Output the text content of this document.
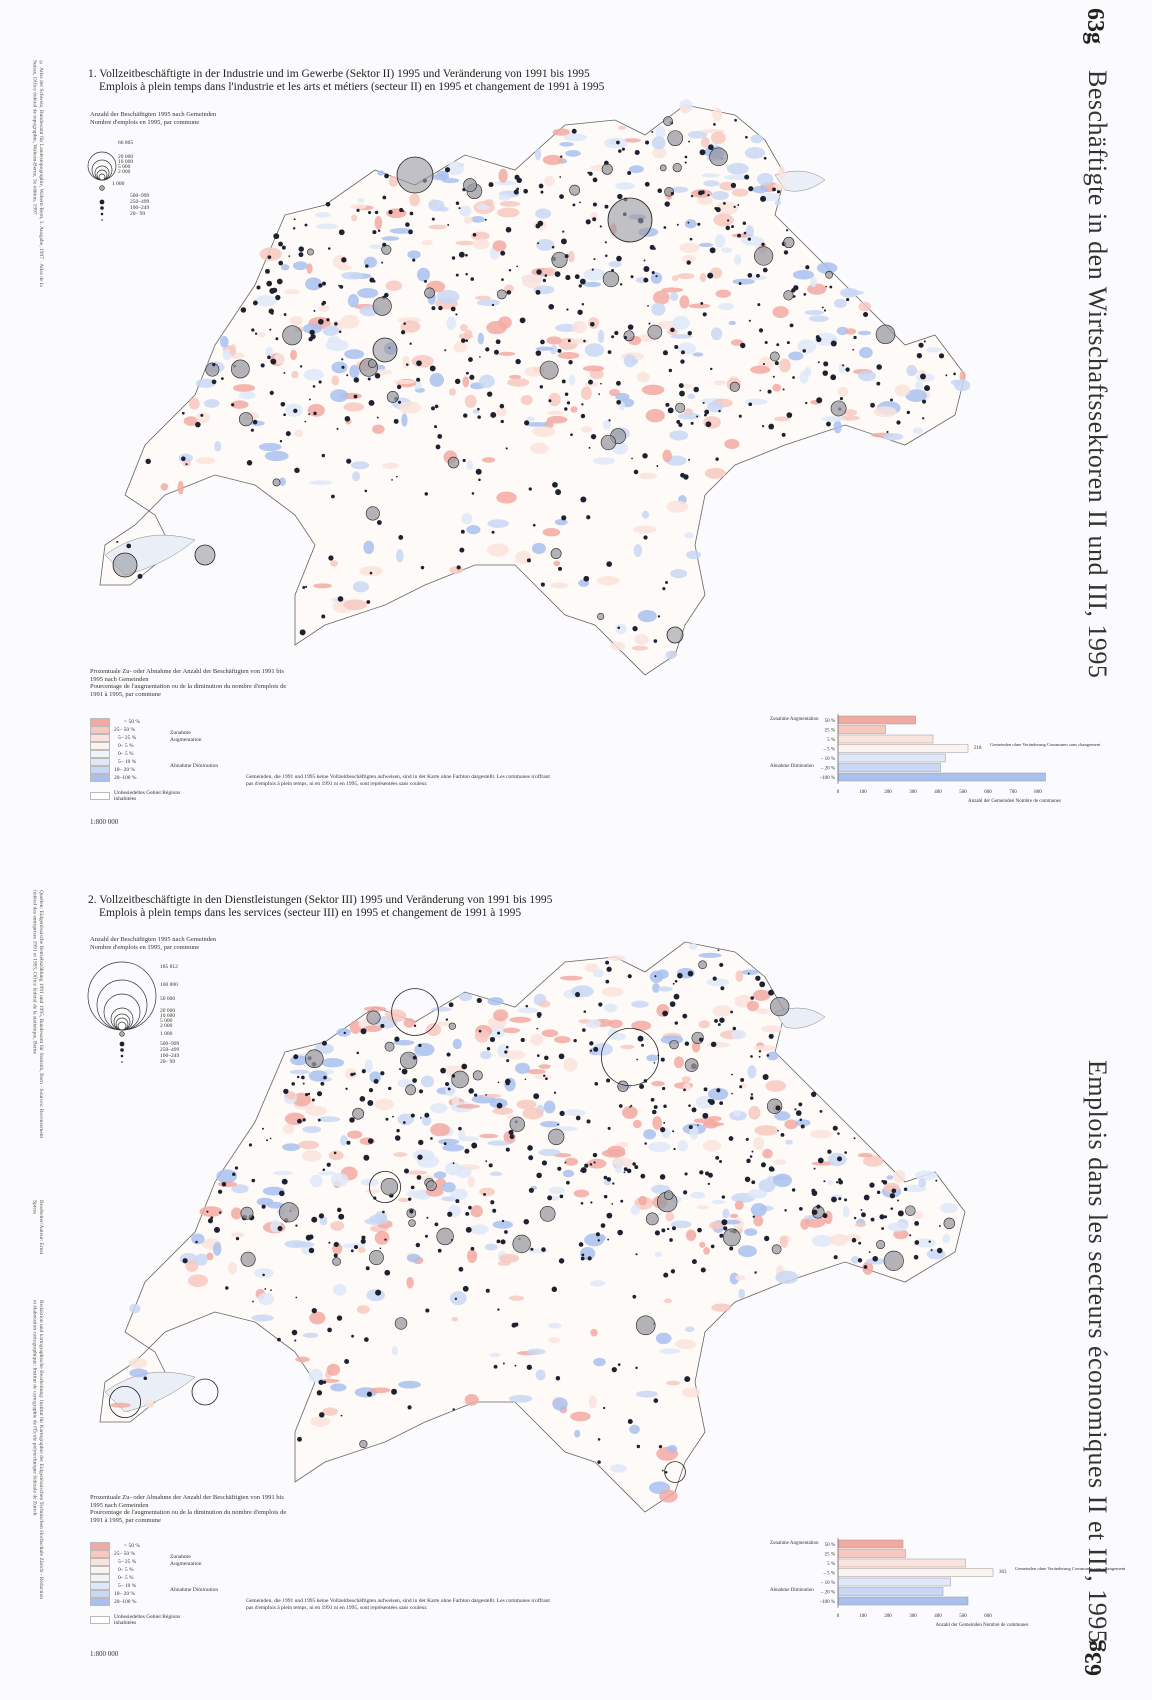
63g
Beschäftigte in den Wirtschaftssektoren II und III, 1995
Emplois dans les secteurs économiques II et III, 1995
63g
© Atlas der Schweiz, Bundesamt für Landestopographie, Wabern-Bern, 3. Ausgabe, 1997 · Atlas de la Suisse, Office fédéral de topographie, Wabern-Berne, 3e édition, 1997
Quellen: Eidgenössische Betriebszählung 1991 und 1995, Bundesamt für Statistik, Bern · Sources: Recensement fédéral des entreprises 1991 et 1995, Office fédéral de la statistique, Berne
Bearbeiter/Auteur: Ernst Spiess
Redaktion und kartographische Bearbeitung: Institut für Kartographie der Eidgenössischen Technischen Hochschule Zürich · Rédaction et élaboration cartographique: Institut de cartographie de l'École polytechnique fédérale de Zurich
1. Vollzeitbeschäftigte in der Industrie und im Gewerbe (Sektor II) 1995 und Veränderung von 1991 bis 1995
Emplois à plein temps dans l'industrie et les arts et métiers (secteur II) en 1995 et changement de 1991 à 1995
Anzahl der Beschäftigten 1995 nach Gemeinden
Nombre d'emplois en 1995, par commune
66 865
20 000
10 000
5 000
2 000
1 000
500–999
250–499
100–249
20– 99
Prozentuale Zu- oder Abnahme der Anzahl der Beschäftigten von 1991 bis 1995 nach Gemeinden
Pourcentage de l'augmentation ou de la diminution du nombre d'emplois de 1991 à 1995, par commune
> 50 %
25– 50 %
5– 25 %
0– 5 %
0– 5 %
5– 10 %
10– 20 %
20–100 %
Unbesiedeltes Gebiet Régions inhabitées
Zunahme Augmentation
Abnahme Diminution
Gemeinden, die 1991 und 1995 keine Vollzeitbeschäftigten aufweisen, sind in der Karte ohne Farbton dargestellt. Les communes n'offrant pas d'emplois à plein temps, ni en 1991 ni en 1995, sont représentées sans couleur.
1:800 000
50 %
25 %
5 %
– 5 %
– 10 %
– 20 %
–100 %
0	100	200	300	400	500	600	700	800
Zunahme Augmentation
Abnahme Diminution
218
Gemeinden ohne Veränderung Communes sans changement
Anzahl der Gemeinden Nombre de communes
2. Vollzeitbeschäftigte in den Dienstleistungen (Sektor III) 1995 und Veränderung von 1991 bis 1995
Emplois à plein temps dans les services (secteur III) en 1995 et changement de 1991 à 1995
Anzahl der Beschäftigten 1995 nach Gemeinden
Nombre d'emplois en 1995, par commune
185 812
100 000
50 000
20 000
10 000
5 000
2 000
1 000
500–999
250–499
100–249
20– 99
Prozentuale Zu- oder Abnahme der Anzahl der Beschäftigten von 1991 bis 1995 nach Gemeinden
Pourcentage de l'augmentation ou de la diminution du nombre d'emplois de 1991 à 1995, par commune
> 50 %
25– 50 %
5– 25 %
0– 5 %
0– 5 %
5– 10 %
10– 20 %
20–100 %
Unbesiedeltes Gebiet Régions inhabitées
Zunahme Augmentation
Abnahme Diminution
Gemeinden, die 1991 und 1995 keine Vollzeitbeschäftigten aufweisen, sind in der Karte ohne Farbton dargestellt. Les communes n'offrant pas d'emplois à plein temps, ni en 1991 ni en 1995, sont représentées sans couleur.
1:800 000
50 %
25 %
5 %
– 5 %
– 10 %
– 20 %
–100 %
0	100	200	300	400	500	600
Zunahme Augmentation
Abnahme Diminution
363
Gemeinden ohne Veränderung Communes sans changement
Anzahl der Gemeinden Nombre de communes
